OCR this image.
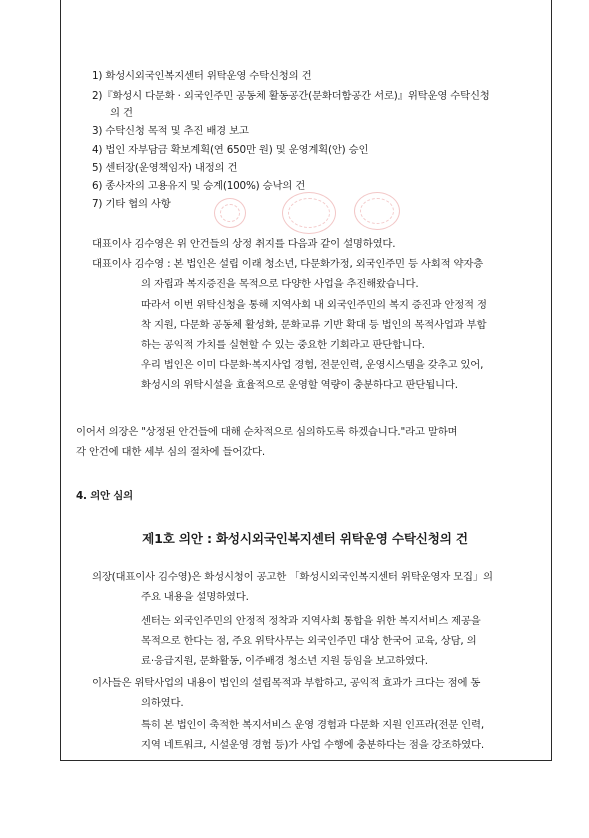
1) 화성시외국인복지센터 위탁운영 수탁신청의 건
2)『화성시 다문화 · 외국인주민 공동체 활동공간(문화더함공간 서로)』위탁운영 수탁신청
의 건
3) 수탁신청 목적 및 추진 배경 보고
4) 법인 자부담금 확보계획(연 650만 원) 및 운영계획(안) 승인
5) 센터장(운영책임자) 내정의 건
6) 종사자의 고용유지 및 승계(100%) 승낙의 건
7) 기타 협의 사항
대표이사 김수영은 위 안건들의 상정 취지를 다음과 같이 설명하였다.
대표이사 김수영 : 본 법인은 설립 이래 청소년, 다문화가정, 외국인주민 등 사회적 약자층
의 자립과 복지증진을 목적으로 다양한 사업을 추진해왔습니다.
따라서 이번 위탁신청을 통해 지역사회 내 외국인주민의 복지 증진과 안정적 정
착 지원, 다문화 공동체 활성화, 문화교류 기반 확대 등 법인의 목적사업과 부합
하는 공익적 가치를 실현할 수 있는 중요한 기회라고 판단합니다.
우리 법인은 이미 다문화·복지사업 경험, 전문인력, 운영시스템을 갖추고 있어,
화성시의 위탁시설을 효율적으로 운영할 역량이 충분하다고 판단됩니다.
이어서 의장은 "상정된 안건들에 대해 순차적으로 심의하도록 하겠습니다."라고 말하며
각 안건에 대한 세부 심의 절차에 들어갔다.
4. 의안 심의
제1호 의안 : 화성시외국인복지센터 위탁운영 수탁신청의 건
의장(대표이사 김수영)은 화성시청이 공고한 「화성시외국인복지센터 위탁운영자 모집」의
주요 내용을 설명하였다.
센터는 외국인주민의 안정적 정착과 지역사회 통합을 위한 복지서비스 제공을
목적으로 한다는 점, 주요 위탁사무는 외국인주민 대상 한국어 교육, 상담, 의
료·응급지원, 문화활동, 이주배경 청소년 지원 등임을 보고하였다.
이사들은 위탁사업의 내용이 법인의 설립목적과 부합하고, 공익적 효과가 크다는 점에 동
의하였다.
특히 본 법인이 축적한 복지서비스 운영 경험과 다문화 지원 인프라(전문 인력,
지역 네트워크, 시설운영 경험 등)가 사업 수행에 충분하다는 점을 강조하였다.
